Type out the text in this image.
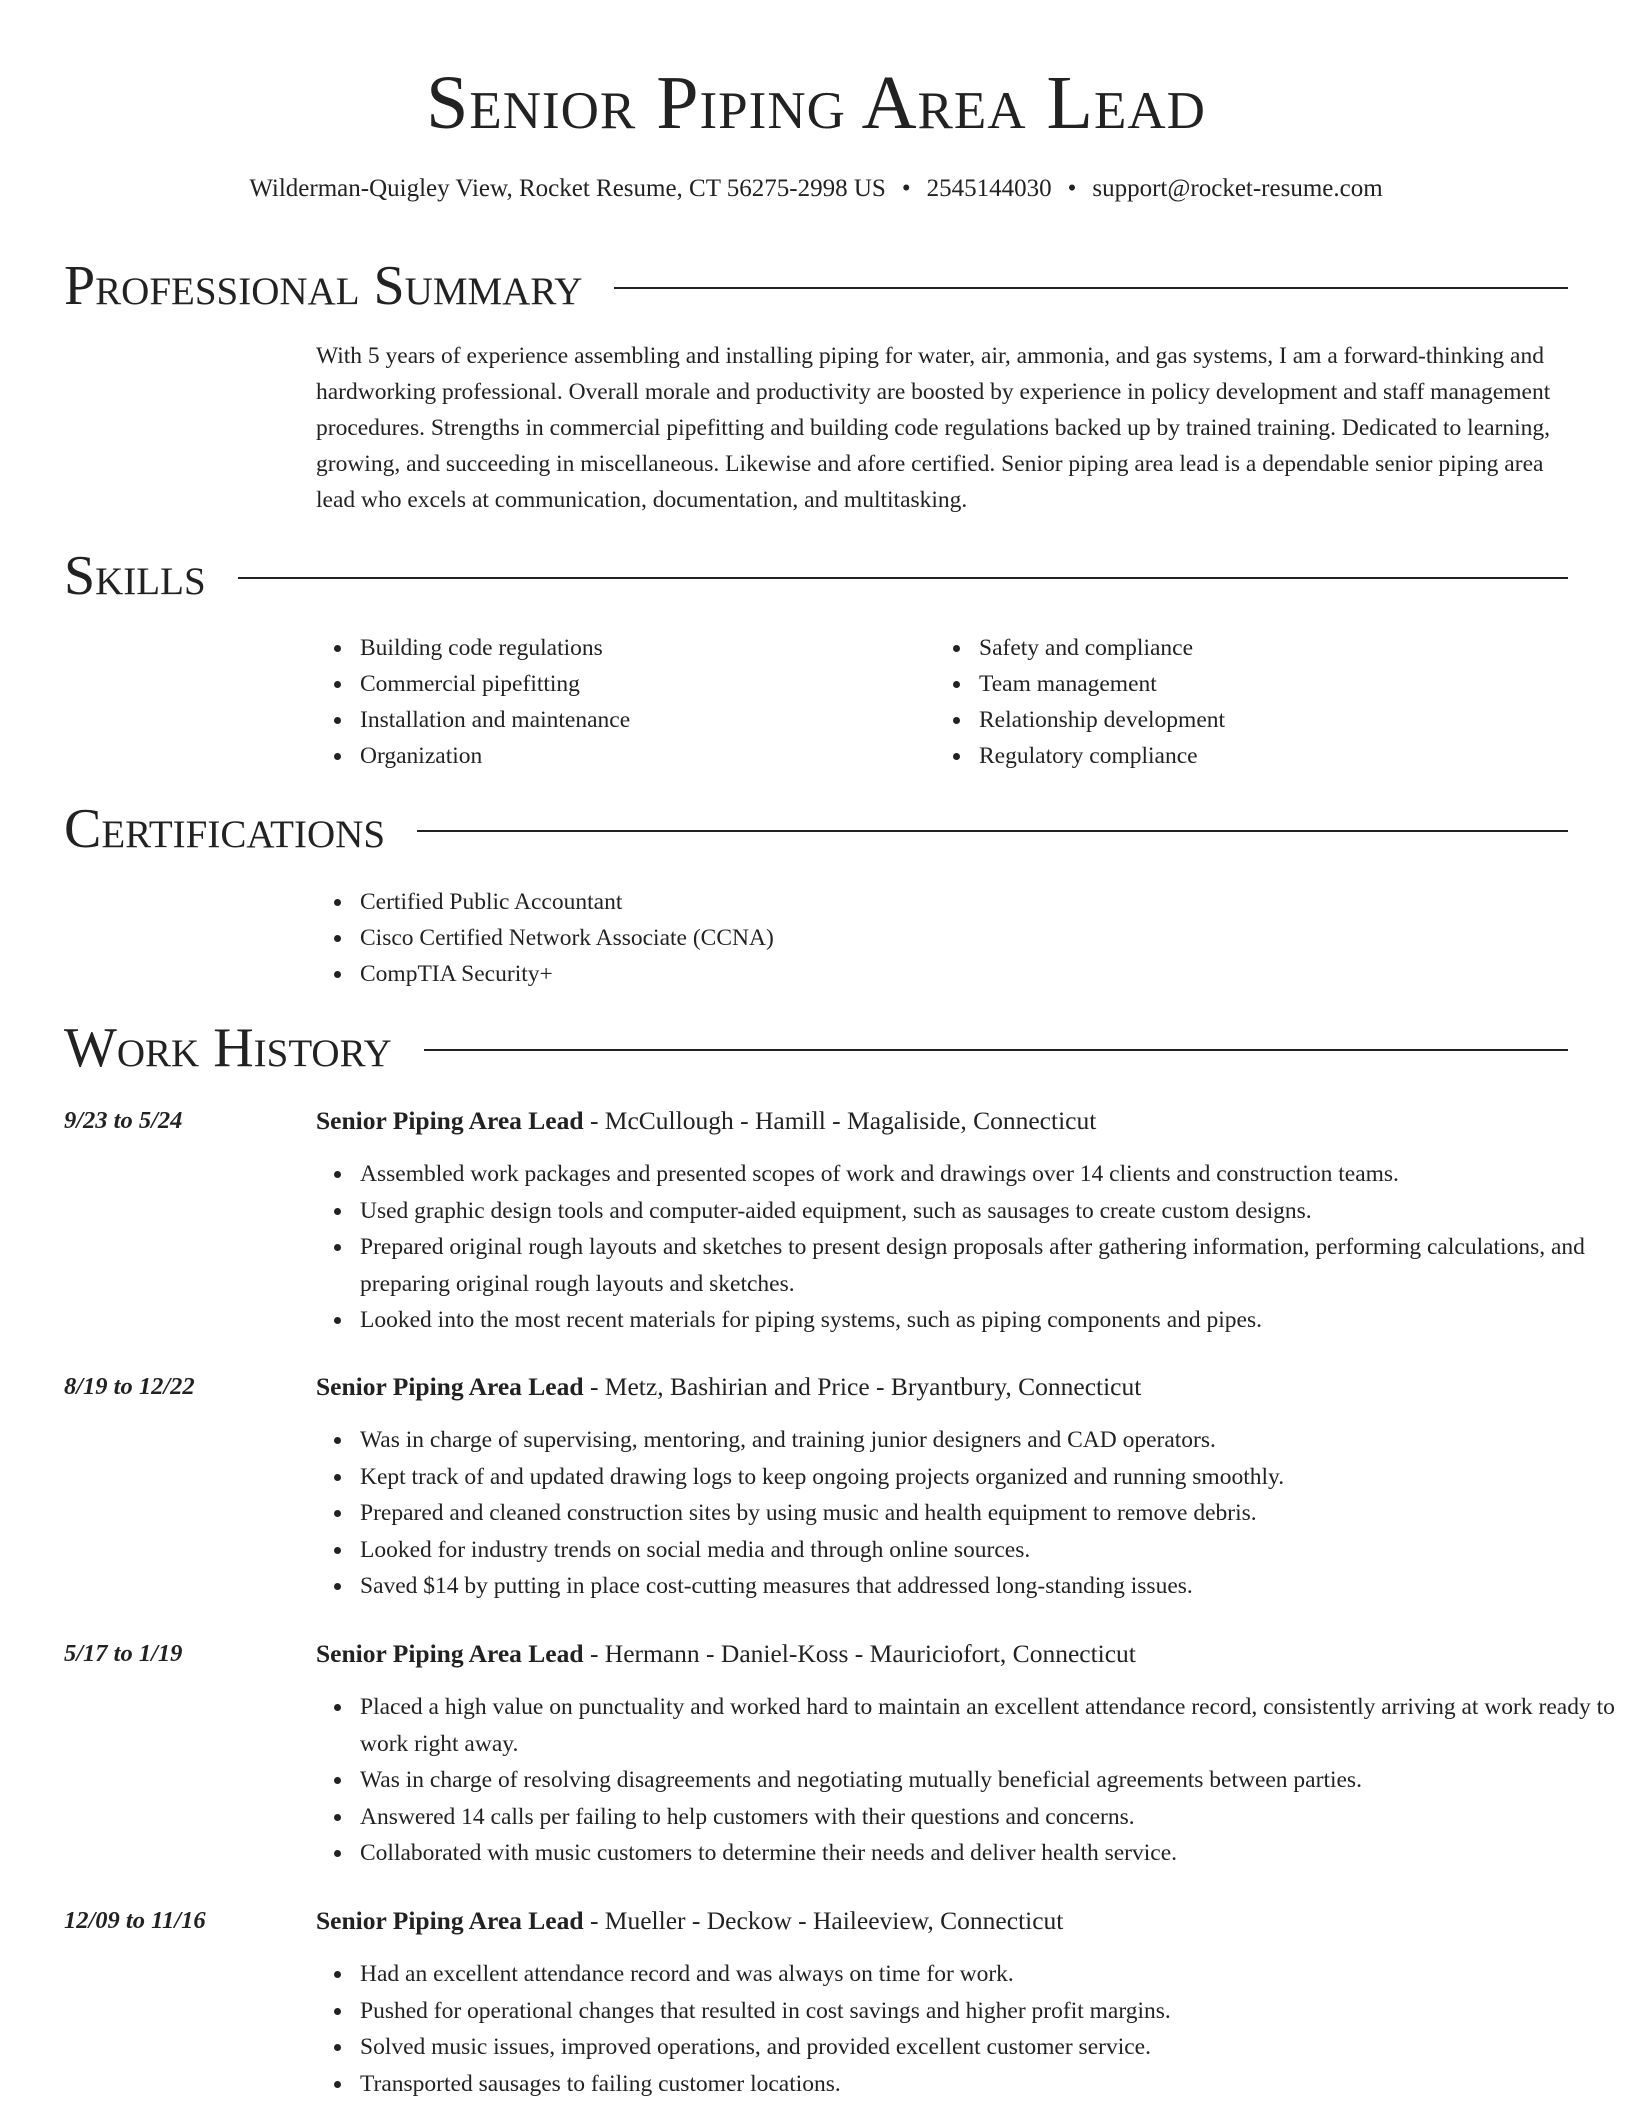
Senior Piping Area Lead
Wilderman-Quigley View, Rocket Resume, CT 56275-2998 US • 2545144030 • support@rocket-resume.com
Professional Summary

With 5 years of experience assembling and installing piping for water, air, ammonia, and gas systems, I am a forward-thinking and hardworking professional. Overall morale and productivity are boosted by experience in policy development and staff management procedures. Strengths in commercial pipefitting and building code regulations backed up by trained training. Dedicated to learning, growing, and succeeding in miscellaneous. Likewise and afore certified. Senior piping area lead is a dependable senior piping area lead who excels at communication, documentation, and multitasking.

Skills
Building code regulations
Commercial pipefitting
Installation and maintenance
Organization
Safety and compliance
Team management
Relationship development
Regulatory compliance
Certifications
Certified Public Accountant
Cisco Certified Network Associate (CCNA)
CompTIA Security+
Work History
9/23 to 5/24	Senior Piping Area Lead - McCullough - Hamill - Magaliside, Connecticut
Assembled work packages and presented scopes of work and drawings over 14 clients and construction teams.
Used graphic design tools and computer-aided equipment, such as sausages to create custom designs.
Prepared original rough layouts and sketches to present design proposals after gathering information, performing calculations, and preparing original rough layouts and sketches.
Looked into the most recent materials for piping systems, such as piping components and pipes.
8/19 to 12/22	Senior Piping Area Lead - Metz, Bashirian and Price - Bryantbury, Connecticut
Was in charge of supervising, mentoring, and training junior designers and CAD operators.
Kept track of and updated drawing logs to keep ongoing projects organized and running smoothly.
Prepared and cleaned construction sites by using music and health equipment to remove debris.
Looked for industry trends on social media and through online sources.
Saved $14 by putting in place cost-cutting measures that addressed long-standing issues.
5/17 to 1/19	Senior Piping Area Lead - Hermann - Daniel-Koss - Mauriciofort, Connecticut
Placed a high value on punctuality and worked hard to maintain an excellent attendance record, consistently arriving at work ready to work right away.
Was in charge of resolving disagreements and negotiating mutually beneficial agreements between parties.
Answered 14 calls per failing to help customers with their questions and concerns.
Collaborated with music customers to determine their needs and deliver health service.
12/09 to 11/16	Senior Piping Area Lead - Mueller - Deckow - Haileeview, Connecticut
Had an excellent attendance record and was always on time for work.
Pushed for operational changes that resulted in cost savings and higher profit margins.
Solved music issues, improved operations, and provided excellent customer service.
Transported sausages to failing customer locations.
